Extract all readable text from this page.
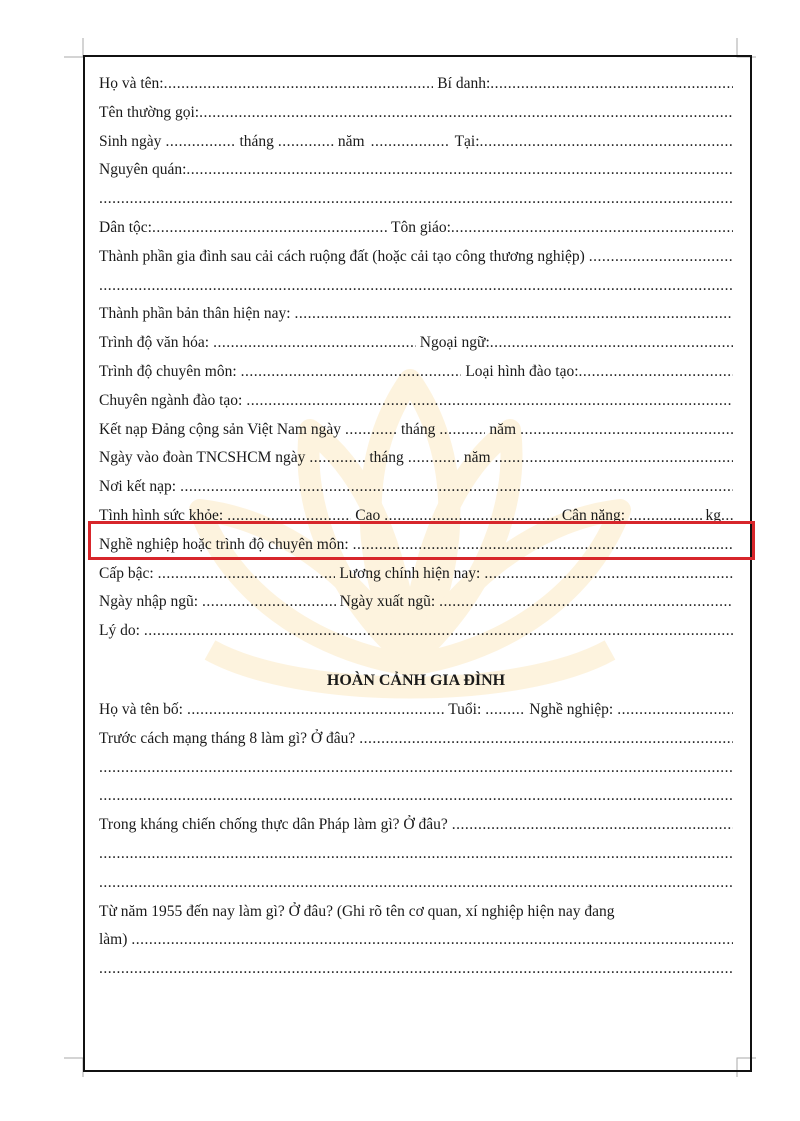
Họ và tên: .....	Bí danh:
.....
Tên thường gọi:
.....
Sinh ngày .....	tháng .....	năm .....	Tại:
.....
Nguyên quán:
.....
.....
Dân tộc: .....	Tôn giáo:
.....
Thành phần gia đình sau cải cách ruộng đất (hoặc cải tạo công thương nghiệp)
.....
.....
Thành phần bản thân hiện nay:
.....
Trình độ văn hóa: .....	Ngoại ngữ:
.....
Trình độ chuyên môn: .....	Loại hình đào tạo:
.....
Chuyên ngành đào tạo:
.....
Kết nạp Đảng cộng sản Việt Nam ngày .....	tháng .....	năm
.....
Ngày vào đoàn TNCSHCM ngày .....	tháng .....	năm
.....
Nơi kết nạp:
.....
Tình hình sức khỏe: .....	Cao .....	Cân nặng: .....	kg
.....
Nghề nghiệp hoặc trình độ chuyên môn:
.....
Cấp bậc: .....	Lương chính hiện nay:
.....
Ngày nhập ngũ: .....	Ngày xuất ngũ:
.....
Lý do:
.....
HOÀN CẢNH GIA ĐÌNH
Họ và tên bố: .....	Tuổi: .....	Nghề nghiệp:
.....
Trước cách mạng tháng 8 làm gì? Ở đâu?
.....
.....
.....
Trong kháng chiến chống thực dân Pháp làm gì? Ở đâu?
.....
.....
.....
Từ năm 1955 đến nay làm gì? Ở đâu? (Ghi rõ tên cơ quan, xí nghiệp hiện nay đang
làm)
.....
.....
